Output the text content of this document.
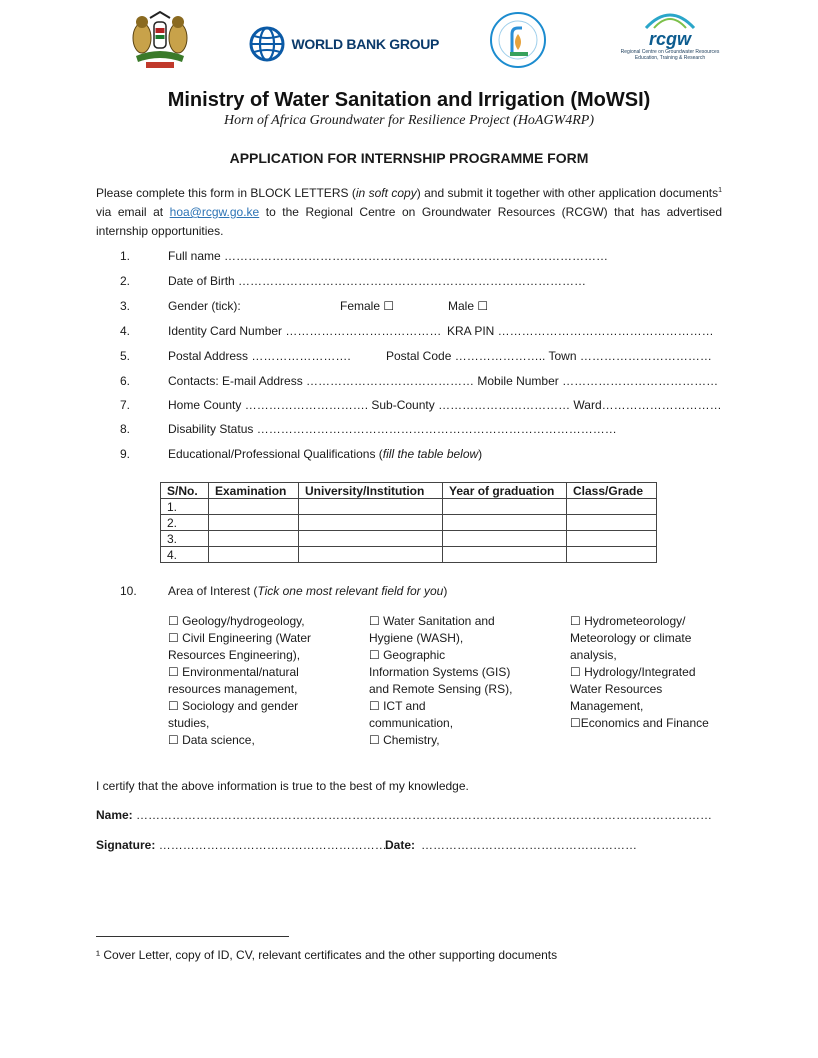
WORLD BANK GROUP	rcgw
Regional Centre on Groundwater Resources Education, Training & Research
Ministry of Water Sanitation and Irrigation (MoWSI)
Horn of Africa Groundwater for Resilience Project (HoAGW4RP)
APPLICATION FOR INTERNSHIP PROGRAMME FORM
Please complete this form in BLOCK LETTERS (in soft copy) and submit it together with other application documents$^1$ via email at hoa@rcgw.go.ke to the Regional Centre on Groundwater Resources (RCGW) that has advertised internship opportunities.
1.	Full name ……………………………………………………………………………………
2.	Date of Birth ……………………………………………………………………………
3.	Gender (tick):	Female ☐	Male ☐
4.	Identity Card Number ………………………………… KRA PIN ………………………………………………
5.	Postal Address …………………….	Postal Code ………………….. Town ……………………………
6.	Contacts: E-mail Address …………………………………… Mobile Number …………………………………
7.	Home County …………………………. Sub-County …………………………… Ward…………………………
8.	Disability Status ………………………………………………………………………………
9.	Educational/Professional Qualifications (fill the table below)
S/No.	Examination	University/Institution	Year of graduation	Class/Grade
1.				
2.				
3.				
4.				
10.	Area of Interest (Tick one most relevant field for you)
☐ Geology/hydrogeology,
☐ Civil Engineering (Water
Resources Engineering),
☐ Environmental/natural
resources management,
☐ Sociology and gender
studies,
☐ Data science,
☐ Water Sanitation and
Hygiene (WASH),
☐ Geographic
Information Systems (GIS)
and Remote Sensing (RS),
☐ ICT and
communication,
☐ Chemistry,
☐ Hydrometeorology/
Meteorology or climate
analysis,
☐ Hydrology/Integrated
Water Resources
Management,
☐Economics and Finance
I certify that the above information is true to the best of my knowledge.
Name: ………………………………………………………………………………………………………………………………
Signature: …………………………………………………
Date: ………………………………………………
¹ Cover Letter, copy of ID, CV, relevant certificates and the other supporting documents
